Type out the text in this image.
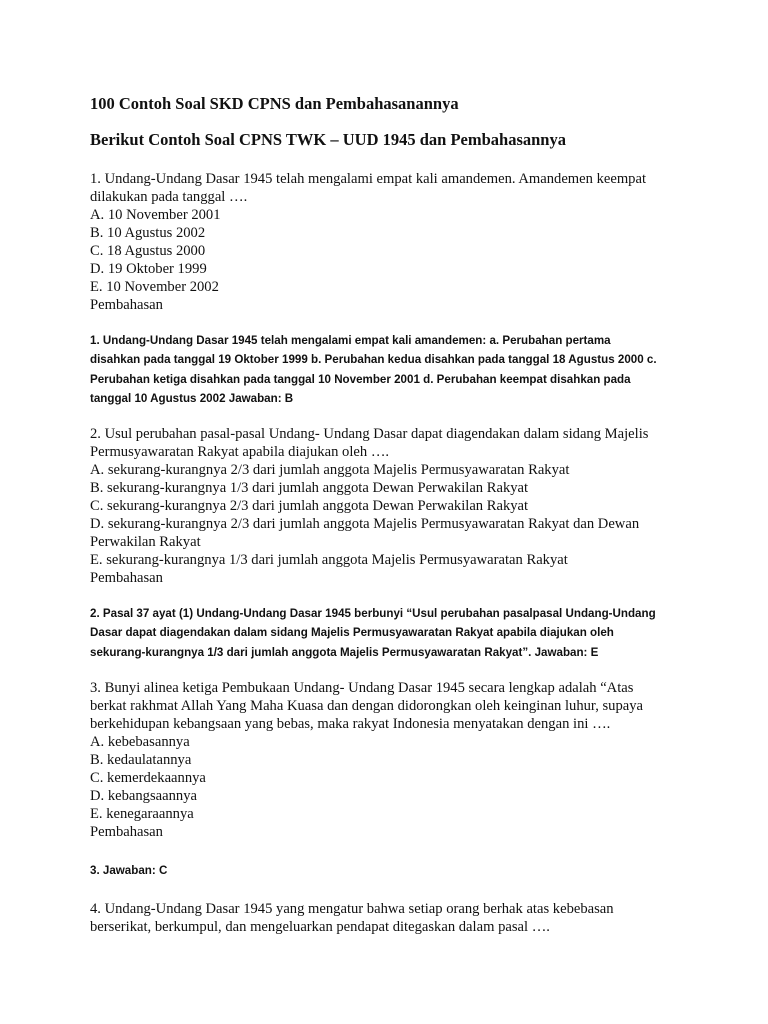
100 Contoh Soal SKD CPNS dan Pembahasanannya
Berikut Contoh Soal CPNS TWK – UUD 1945 dan Pembahasannya
1. Undang-Undang Dasar 1945 telah mengalami empat kali amandemen. Amandemen keempat
dilakukan pada tanggal ….
A. 10 November 2001
B. 10 Agustus 2002
C. 18 Agustus 2000
D. 19 Oktober 1999
E. 10 November 2002
Pembahasan
1. Undang-Undang Dasar 1945 telah mengalami empat kali amandemen: a. Perubahan pertama
disahkan pada tanggal 19 Oktober 1999 b. Perubahan kedua disahkan pada tanggal 18 Agustus 2000 c.
Perubahan ketiga disahkan pada tanggal 10 November 2001 d. Perubahan keempat disahkan pada
tanggal 10 Agustus 2002 Jawaban: B
2. Usul perubahan pasal-pasal Undang- Undang Dasar dapat diagendakan dalam sidang Majelis
Permusyawaratan Rakyat apabila diajukan oleh ….
A. sekurang-kurangnya 2/3 dari jumlah anggota Majelis Permusyawaratan Rakyat
B. sekurang-kurangnya 1/3 dari jumlah anggota Dewan Perwakilan Rakyat
C. sekurang-kurangnya 2/3 dari jumlah anggota Dewan Perwakilan Rakyat
D. sekurang-kurangnya 2/3 dari jumlah anggota Majelis Permusyawaratan Rakyat dan Dewan
Perwakilan Rakyat
E. sekurang-kurangnya 1/3 dari jumlah anggota Majelis Permusyawaratan Rakyat
Pembahasan
2. Pasal 37 ayat (1) Undang-Undang Dasar 1945 berbunyi “Usul perubahan pasalpasal Undang-Undang
Dasar dapat diagendakan dalam sidang Majelis Permusyawaratan Rakyat apabila diajukan oleh
sekurang-kurangnya 1/3 dari jumlah anggota Majelis Permusyawaratan Rakyat”. Jawaban: E
3. Bunyi alinea ketiga Pembukaan Undang- Undang Dasar 1945 secara lengkap adalah “Atas
berkat rakhmat Allah Yang Maha Kuasa dan dengan didorongkan oleh keinginan luhur, supaya
berkehidupan kebangsaan yang bebas, maka rakyat Indonesia menyatakan dengan ini ….
A. kebebasannya
B. kedaulatannya
C. kemerdekaannya
D. kebangsaannya
E. kenegaraannya
Pembahasan
3. Jawaban: C
4. Undang-Undang Dasar 1945 yang mengatur bahwa setiap orang berhak atas kebebasan
berserikat, berkumpul, dan mengeluarkan pendapat ditegaskan dalam pasal ….
